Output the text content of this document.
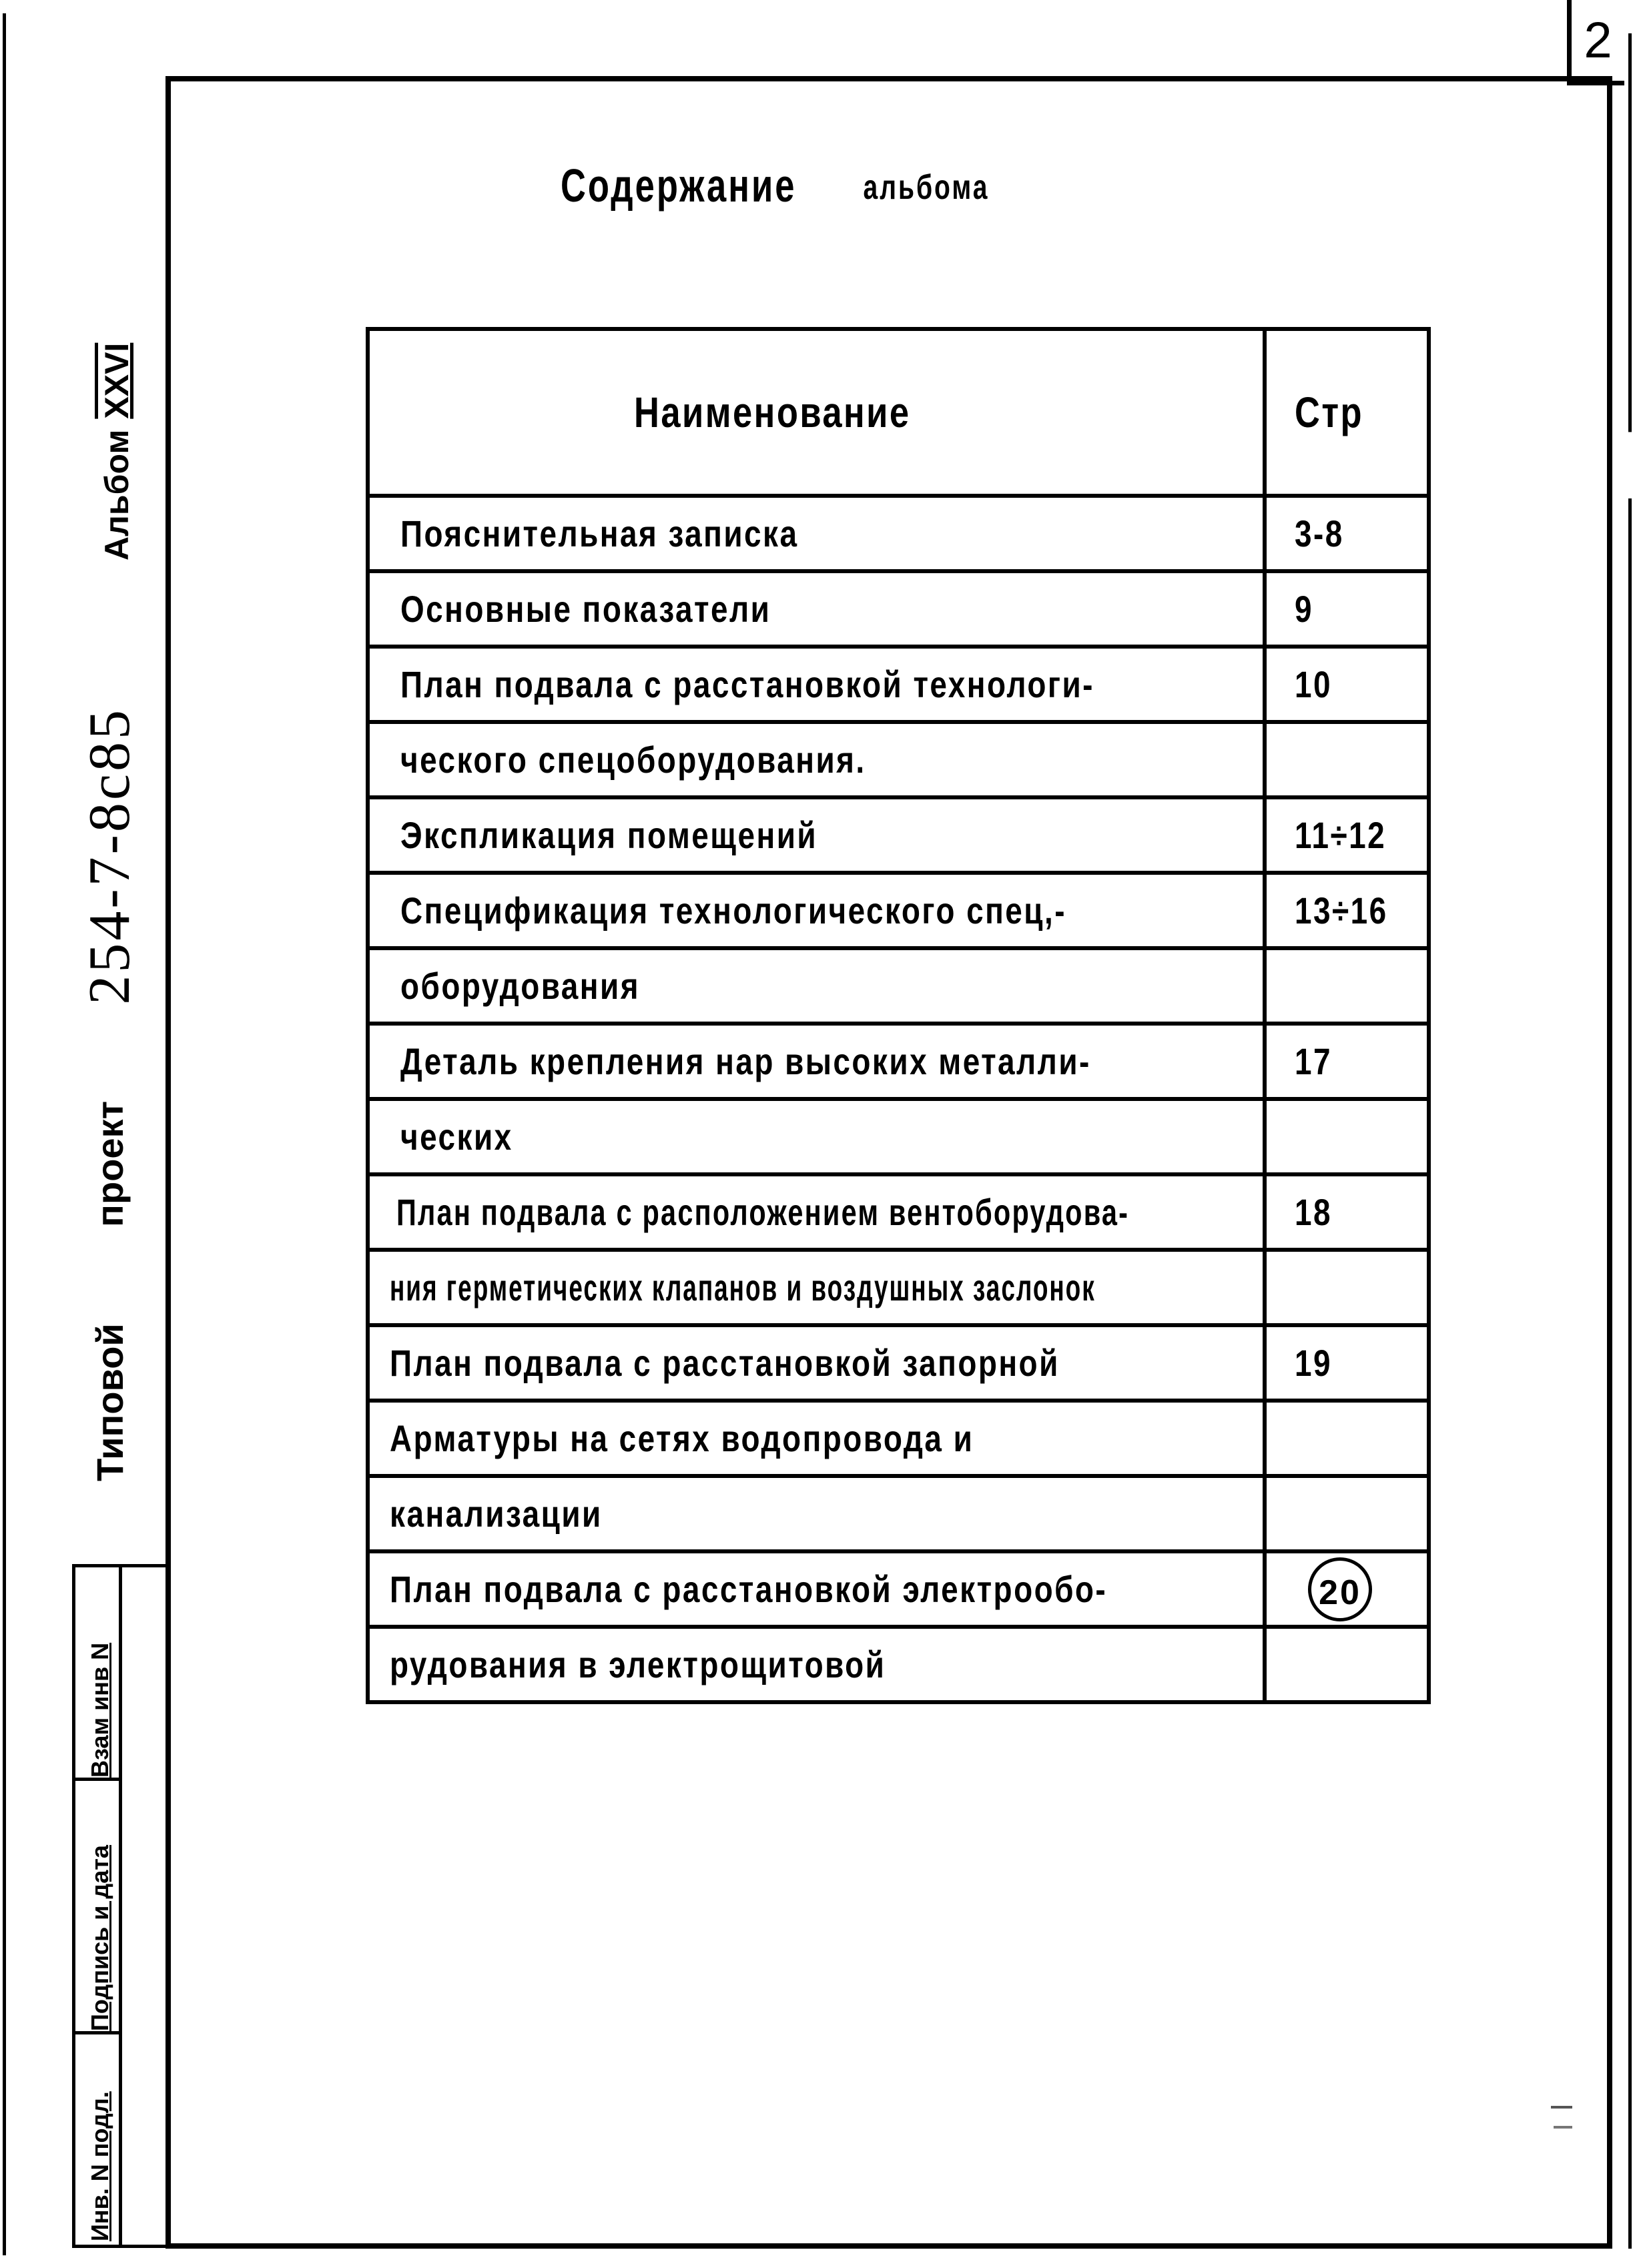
2
Содержание альбома
АльбомXXVI
Типовой
проект
254-7-8с85
Наименование	Стр
Пояснительная записка	3-8
Основные показатели	9
План подвала с расстановкой технологи-	10
ческого спецоборудования.	
Экспликация помещений	11÷12
Спецификация технологического спец,-	13÷16
оборудования	
Деталь крепления нар высоких металли-	17
ческих	
План подвала с расположением вентоборудова-	18
ния герметических клапанов и воздушных заслонок	
План подвала с расстановкой запорной	19
Арматуры на сетях водопровода и	
канализации	
План подвала с расстановкой электрообо-	20
рудования в электрощитовой	
Взам инв N
Подпись и дата
Инв. N подл.
